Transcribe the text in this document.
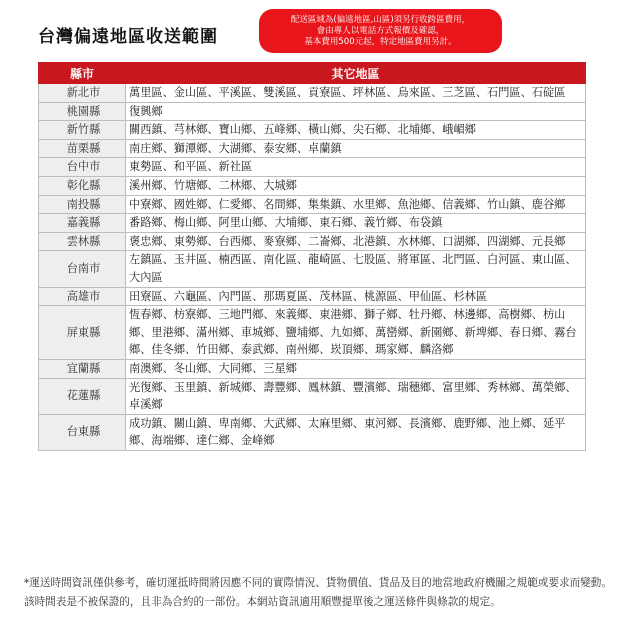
台灣偏遠地區收送範圍
配送區域為(偏遠地區,山區)須另行收跨區費用，
會由專人以電話方式報價及確認，
基本費用500元起，特定地區費用另計。
縣市	其它地區
新北市	萬里區、金山區、平溪區、雙溪區、貢寮區、坪林區、烏來區、三芝區、石門區、石碇區
桃園縣	復興鄉
新竹縣	關西鎮、芎林鄉、寶山鄉、五峰鄉、橫山鄉、尖石鄉、北埔鄉、峨嵋鄉
苗栗縣	南庄鄉、獅潭鄉、大湖鄉、泰安鄉、卓蘭鎮
台中市	東勢區、和平區、新社區
彰化縣	溪州鄉、竹塘鄉、二林鄉、大城鄉
南投縣	中寮鄉、國姓鄉、仁愛鄉、名間鄉、集集鎮、水里鄉、魚池鄉、信義鄉、竹山鎮、鹿谷鄉
嘉義縣	番路鄉、梅山鄉、阿里山鄉、大埔鄉、東石鄉、義竹鄉、布袋鎮
雲林縣	褒忠鄉、東勢鄉、台西鄉、麥寮鄉、二崙鄉、北港鎮、水林鄉、口湖鄉、四湖鄉、元長鄉
台南市	左鎮區、玉井區、楠西區、南化區、龍崎區、七股區、將軍區、北門區、白河區、東山區、大內區
高雄市	田寮區、六龜區、內門區、那瑪夏區、茂林區、桃源區、甲仙區、杉林區
屏東縣	恆春鄉、枋寮鄉、三地門鄉、來義鄉、東港鄉、獅子鄉、牡丹鄉、林邊鄉、高樹鄉、枋山鄉、里港鄉、滿州鄉、車城鄉、鹽埔鄉、九如鄉、萬巒鄉、新園鄉、新埤鄉、春日鄉、霧台鄉、佳冬鄉、竹田鄉、泰武鄉、南州鄉、崁頂鄉、瑪家鄉、麟洛鄉
宜蘭縣	南澳鄉、冬山鄉、大同鄉、三星鄉
花蓮縣	光復鄉、玉里鎮、新城鄉、壽豐鄉、鳳林鎮、豐濱鄉、瑞穗鄉、富里鄉、秀林鄉、萬榮鄉、卓溪鄉
台東縣	成功鎮、關山鎮、卑南鄉、大武鄉、太麻里鄉、東河鄉、長濱鄉、鹿野鄉、池上鄉、延平鄉、海端鄉、達仁鄉、金峰鄉
*運送時間資訊僅供參考，確切運抵時間將因應不同的實際情況、貨物價值、貨品及目的地當地政府機關之規範或要求而變動。該時間表是不被保證的，且非為合約的一部份。本網站資訊適用順豐提單後之運送條件與條款的規定。
